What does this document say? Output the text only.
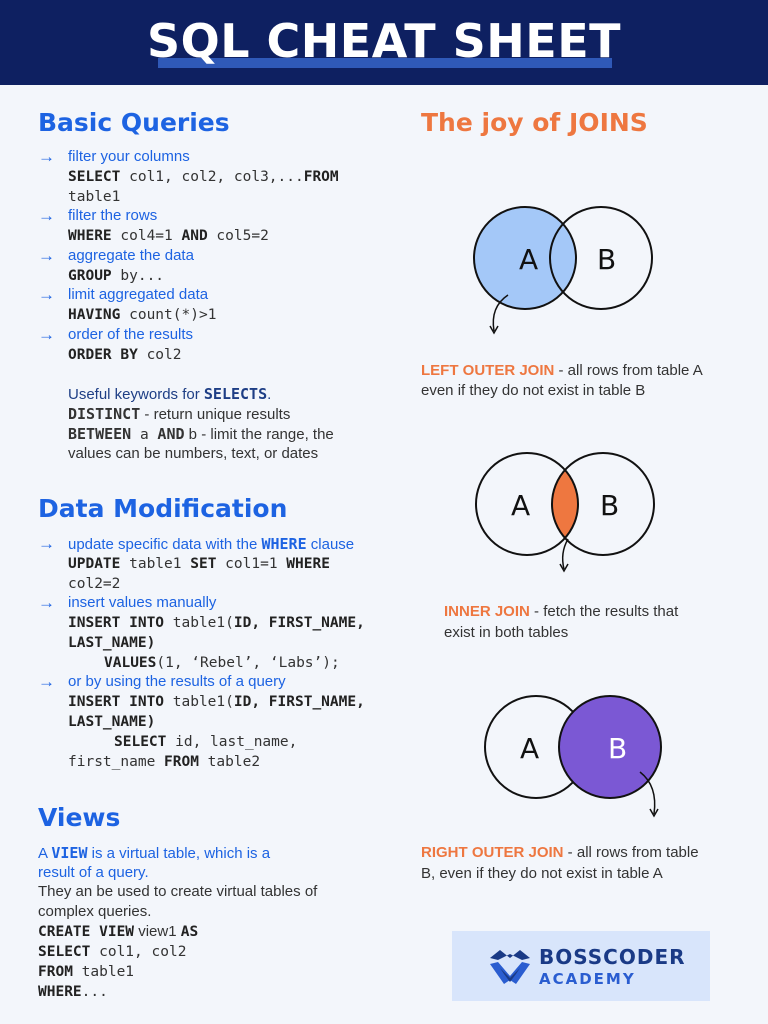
SQL CHEAT SHEET
Basic Queries
→ filter your columns
SELECT col1, col2, col3,...FROM
table1
→ filter the rows
WHERE col4=1 AND col5=2
→ aggregate the data
GROUP by...
→ limit aggregated data
HAVING count(*)>1
→ order of the results
ORDER BY col2
Useful keywords for SELECTS.
DISTINCT - return unique results
BETWEEN a AND b - limit the range, the
values can be numbers, text, or dates
Data Modification
→ update specific data with the WHERE clause
UPDATE table1 SET col1=1 WHERE
col2=2
→ insert values manually
INSERT INTO table1(ID, FIRST_NAME,
LAST_NAME)
VALUES(1, ‘Rebel’, ‘Labs’);
→ or by using the results of a query
INSERT INTO table1(ID, FIRST_NAME,
LAST_NAME)
SELECT id, last_name,
first_name FROM table2
Views
A VIEW is a virtual table, which is a
result of a query.
They an be used to create virtual tables of
complex queries.
CREATE VIEW view1 AS
SELECT col1, col2
FROM table1
WHERE...
The joy of JOINS
A B
LEFT OUTER JOIN - all rows from table A
even if they do not exist in table B
A B
INNER JOIN - fetch the results that
exist in both tables
A B
RIGHT OUTER JOIN - all rows from table
B, even if they do not exist in table A
BOSSCODER
ACADEMY
